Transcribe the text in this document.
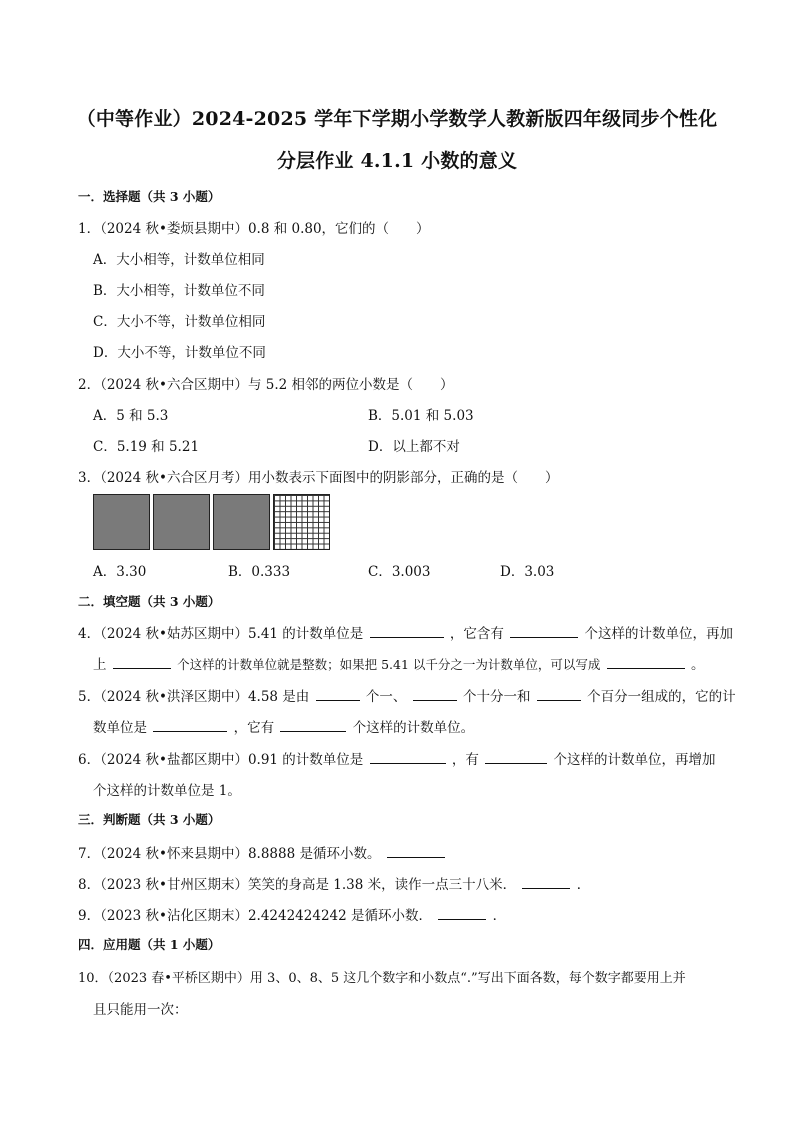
（中等作业）2024-2025 学年下学期小学数学人教新版四年级同步个性化
分层作业 4.1.1 小数的意义
一．选择题（共 3 小题）
1．（2024 秋•娄烦县期中）0.8 和 0.80，它们的（　　）
A．大小相等，计数单位相同
B．大小相等，计数单位不同
C．大小不等，计数单位相同
D．大小不等，计数单位不同
2．（2024 秋•六合区期中）与 5.2 相邻的两位小数是（　　）
A．5 和 5.3	B．5.01 和 5.03
C．5.19 和 5.21	D．以上都不对
3．（2024 秋•六合区月考）用小数表示下面图中的阴影部分，正确的是（　　）
A．3.30	B．0.333	C．3.003	D．3.03
二．填空题（共 3 小题）
4．（2024 秋•姑苏区期中）5.41 的计数单位是	，它含有	个这样的计数单位，再加
上	个这样的计数单位就是整数；如果把 5.41 以千分之一为计数单位，可以写成	。
5．（2024 秋•洪泽区期中）4.58 是由	个一、	个十分一和	个百分一组成的，它的计
数单位是	，它有	个这样的计数单位。
6．（2024 秋•盐都区期中）0.91 的计数单位是	，有	个这样的计数单位，再增加
个这样的计数单位是 1。
三．判断题（共 3 小题）
7．（2024 秋•怀来县期中）8.8888 是循环小数。
8．（2023 秋•甘州区期末）笑笑的身高是 1.38 米，读作一点三十八米．	．
9．（2023 秋•沾化区期末）2.4242424242 是循环小数．	．
四．应用题（共 1 小题）
10．（2023 春•平桥区期中）用 3、0、8、5 这几个数字和小数点“.”写出下面各数，每个数字都要用上并
且只能用一次：
